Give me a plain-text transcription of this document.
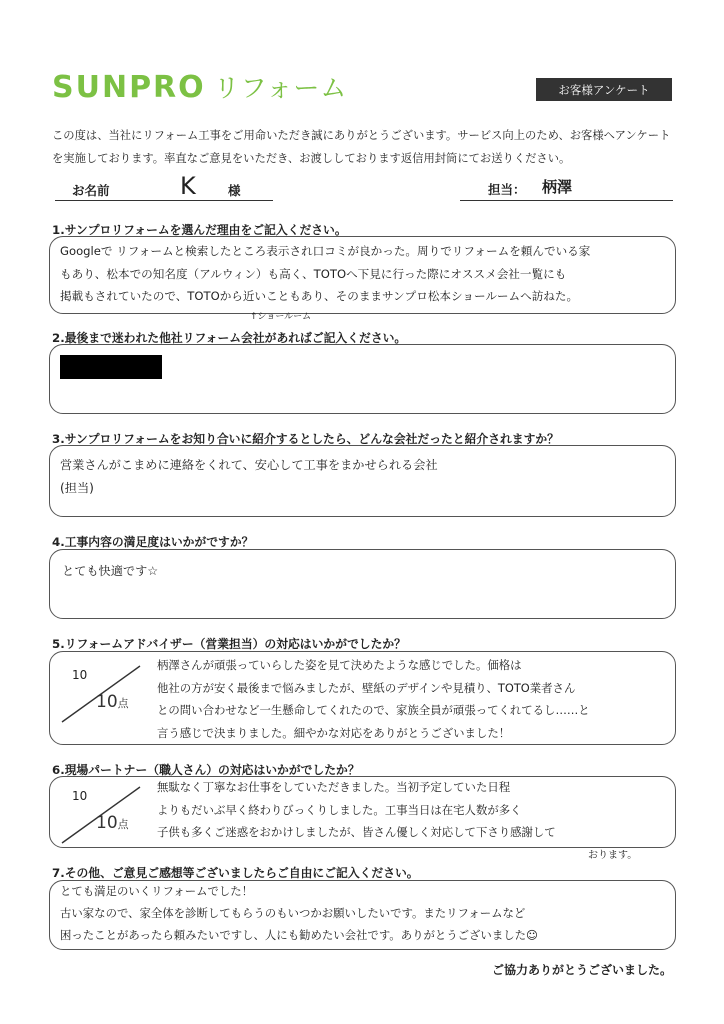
SUNPRO リフォーム	お客様アンケート
この度は、当社にリフォーム工事をご用命いただき誠にありがとうございます。サービス向上のため、お客様へアンケート
を実施しております。率直なご意見をいただき、お渡ししております返信用封筒にてお送りください。
お名前	K	様	担当： 柄澤
1.サンプロリフォームを選んだ理由をご記入ください。
Googleで リフォームと検索したところ表示され口コミが良かった。周りでリフォームを頼んでいる家
もあり、松本での知名度（アルウィン）も高く、TOTOへ下見に行った際にオススメ会社一覧にも
掲載もされていたので、TOTOから近いこともあり、そのままサンプロ松本ショールームへ訪ねた。
↑ショールーム
2.最後まで迷われた他社リフォーム会社があればご記入ください。
3.サンプロリフォームをお知り合いに紹介するとしたら、どんな会社だったと紹介されますか？
営業さんがこまめに連絡をくれて、安心して工事をまかせられる会社
(担当)
4.工事内容の満足度はいかがですか？
とても快適です☆
5.リフォームアドバイザー（営業担当）の対応はいかがでしたか？
10
10点
柄澤さんが頑張っていらした姿を見て決めたような感じでした。価格は
他社の方が安く最後まで悩みましたが、壁紙のデザインや見積り、TOTO業者さん
との問い合わせなど一生懸命してくれたので、家族全員が頑張ってくれてるし……と
言う感じで決まりました。細やかな対応をありがとうございました！
6.現場パートナー（職人さん）の対応はいかがでしたか？
10
10点
無駄なく丁寧なお仕事をしていただきました。当初予定していた日程
よりもだいぶ早く終わりびっくりしました。工事当日は在宅人数が多く
子供も多くご迷惑をおかけしましたが、皆さん優しく対応して下さり感謝して
おります。
7.その他、ご意見ご感想等ございましたらご自由にご記入ください。
とても満足のいくリフォームでした！
古い家なので、家全体を診断してもらうのもいつかお願いしたいです。またリフォームなど
困ったことがあったら頼みたいですし、人にも勧めたい会社です。ありがとうございました☺
ご協力ありがとうございました。
